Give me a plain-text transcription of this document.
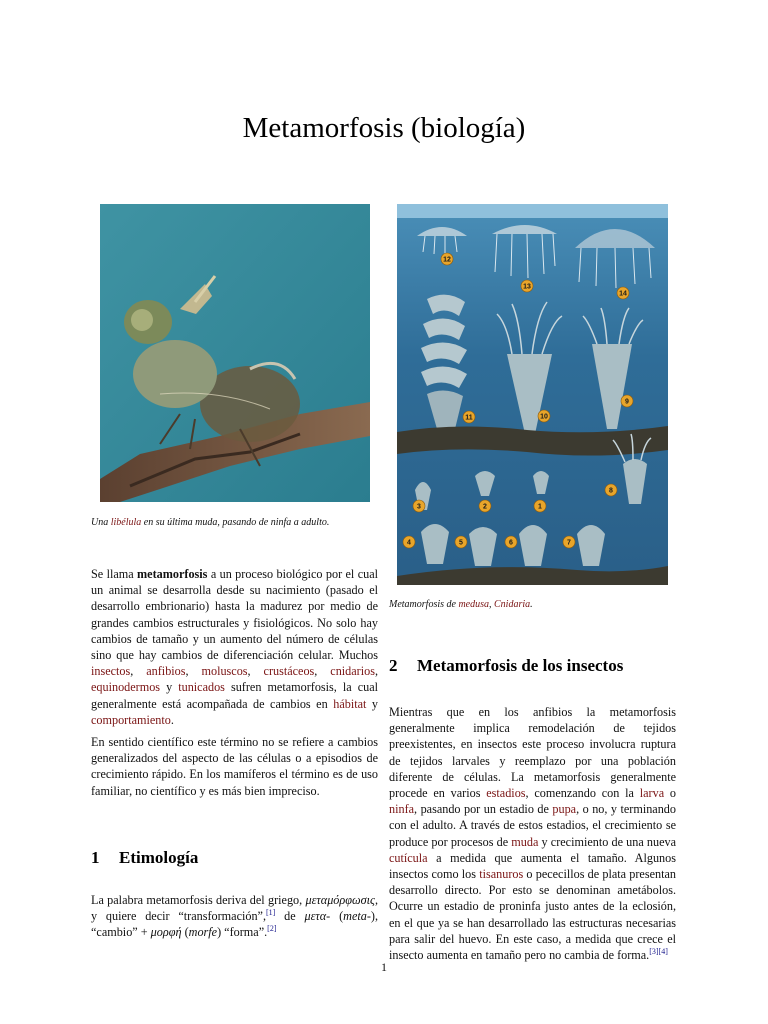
Metamorfosis (biología)
Una libélula en su última muda, pasando de ninfa a adulto.
1
2
3
4	5	6	7
8
9
10
11
12
13
14
Metamorfosis de medusa, Cnidaria.

Se llama metamorfosis a un proceso biológico por el cual un animal se desarrolla desde su nacimiento (pasado el desarrollo embrionario) hasta la madurez por medio de grandes cambios estructurales y fisiológicos. No solo hay cambios de tamaño y un aumento del número de células sino que hay cambios de diferenciación celular. Muchos insectos, anfibios, moluscos, crustáceos, cnidarios, equinodermos y tunicados sufren metamorfosis, la cual generalmente está acompañada de cambios en hábitat y comportamiento.

En sentido científico este término no se refiere a cambios generalizados del aspecto de las células o a episodios de crecimiento rápido. En los mamíferos el término es de uso familiar, no científico y es más bien impreciso.

1 Etimología

La palabra metamorfosis deriva del griego, μεταμόρφωσις, y quiere decir “transformación”,[1] de μετα- (meta-), “cambio” + μορφή (morfe) “forma”.[2]

2 Metamorfosis de los insectos

Mientras que en los anfibios la metamorfosis generalmente implica remodelación de tejidos preexistentes, en insectos este proceso involucra ruptura de tejidos larvales y reemplazo por una población diferente de células. La metamorfosis generalmente procede en varios estadios, comenzando con la larva o ninfa, pasando por un estadio de pupa, o no, y terminando con el adulto. A través de estos estadios, el crecimiento se produce por procesos de muda y crecimiento de una nueva cutícula a medida que aumenta el tamaño. Algunos insectos como los tisanuros o pececillos de plata presentan desarrollo directo. Por esto se denominan ametábolos. Ocurre un estadio de proninfa justo antes de la eclosión, en el que ya se han desarrollado las estructuras necesarias para salir del huevo. En este caso, a medida que crece el insecto aumenta en tamaño pero no cambia de forma.[3][4]

1
